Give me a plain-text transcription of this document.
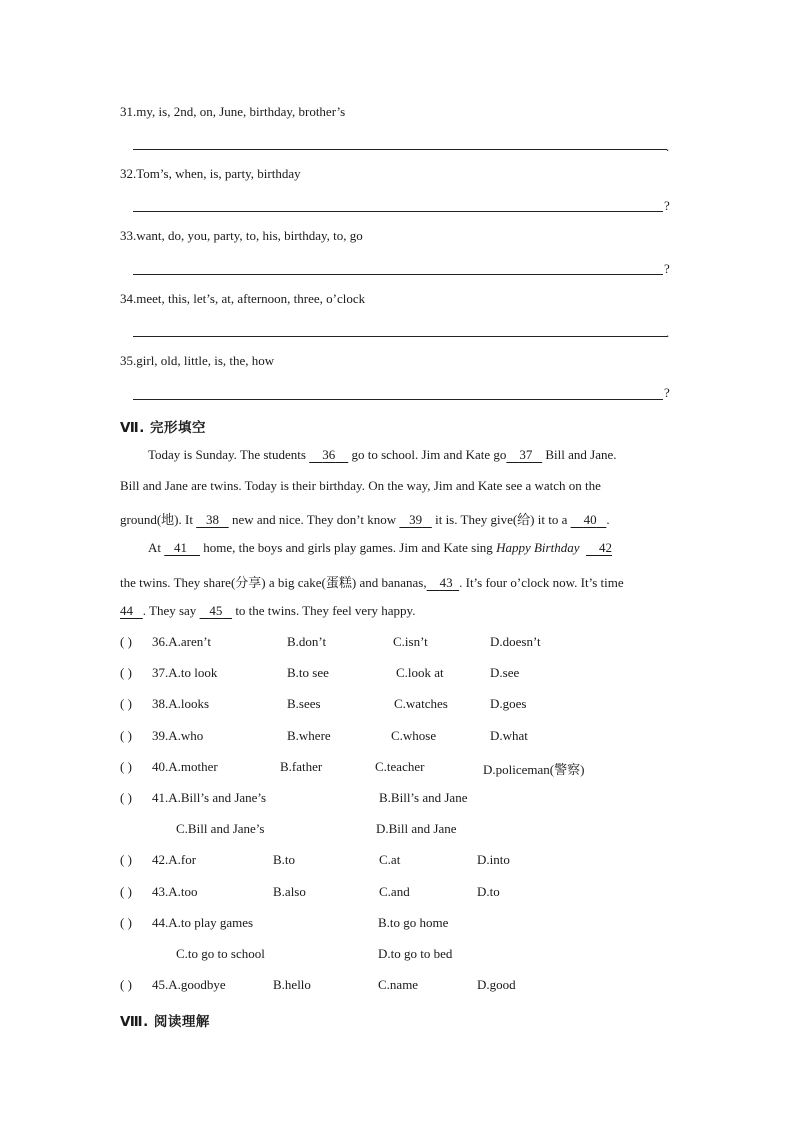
31.my, is, 2nd, on, June, birthday, brother’s
.
32.Tom’s, when, is, party, birthday
?
33.want, do, you, party, to, his, birthday, to, go
?
34.meet, this, let’s, at, afternoon, three, o’clock
.
35.girl, old, little, is, the, how
?
Ⅶ. 完形填空
Today is Sunday. The students     36     go to school. Jim and Kate go 37    Bill and Jane.
Bill and Jane are twins. Today is their birthday. On the way, Jim and Kate see a watch on the
ground(地). It    38    new and nice. They don’t know    39    it is. They give(给) it to a     40 .
At    41     home, the boys and girls play games. Jim and Kate sing Happy Birthday 42
the twins. They share(分享) a big cake(蛋糕) and bananas, 43 . It’s four o’clock now. It’s time
44 . They say    45    to the twins. They feel very happy.
( ) 36.A.aren’t	B.don’t	C.isn’t	D.doesn’t
( ) 37.A.to look	B.to see	C.look at	D.see
( ) 38.A.looks	B.sees	C.watches	D.goes
( ) 39.A.who	B.where	C.whose	D.what
( ) 40.A.mother	B.father	C.teacher	D.policeman(警察)
( ) 41.A.Bill’s and Jane’s	B.Bill’s and Jane
C.Bill and Jane’s	D.Bill and Jane
( ) 42.A.for	B.to	C.at	D.into
( ) 43.A.too	B.also	C.and	D.to
( ) 44.A.to play games	B.to go home
C.to go to school	D.to go to bed
( ) 45.A.goodbye	B.hello	C.name	D.good
Ⅷ. 阅读理解
